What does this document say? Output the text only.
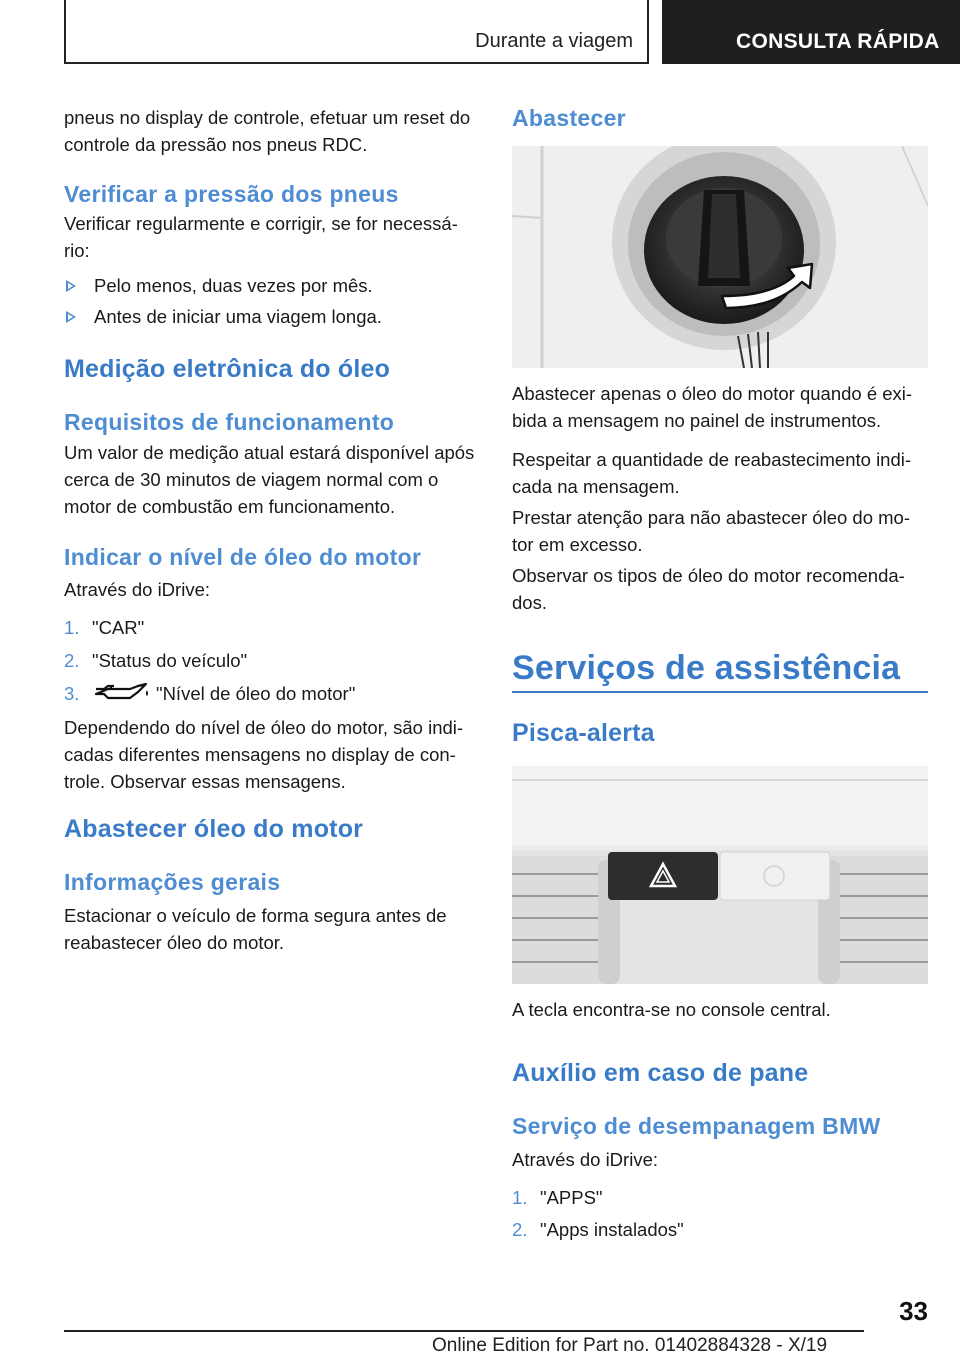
Durante a viagem	CONSULTA RÁPIDA

pneus no display de controle, efetuar um reset do controle da pressão nos pneus RDC.

Verificar a pressão dos pneus

Verificar regularmente e corrigir, se for necessá‐rio:

Pelo menos, duas vezes por mês.
Antes de iniciar uma viagem longa.
Medição eletrônica do óleo
Requisitos de funcionamento

Um valor de medição atual estará disponível após cerca de 30 minutos de viagem normal com o motor de combustão em funcionamento.

Indicar o nível de óleo do motor

Através do iDrive:

1. "CAR"
2. "Status do veículo"
3.	"Nível de óleo do motor"

Dependendo do nível de óleo do motor, são indi‐cadas diferentes mensagens no display de con‐trole. Observar essas mensagens.

Abastecer óleo do motor
Informações gerais

Estacionar o veículo de forma segura antes de reabastecer óleo do motor.

Abastecer

Abastecer apenas o óleo do motor quando é exi‐bida a mensagem no painel de instrumentos.

Respeitar a quantidade de reabastecimento indi‐cada na mensagem.

Prestar atenção para não abastecer óleo do mo‐tor em excesso.

Observar os tipos de óleo do motor recomenda‐dos.

Serviços de assistência
Pisca-alerta

A tecla encontra-se no console central.

Auxílio em caso de pane
Serviço de desempanagem BMW

Através do iDrive:

1. "APPS"
2. "Apps instalados"
33
Online Edition for Part no. 01402884328 - X/19
